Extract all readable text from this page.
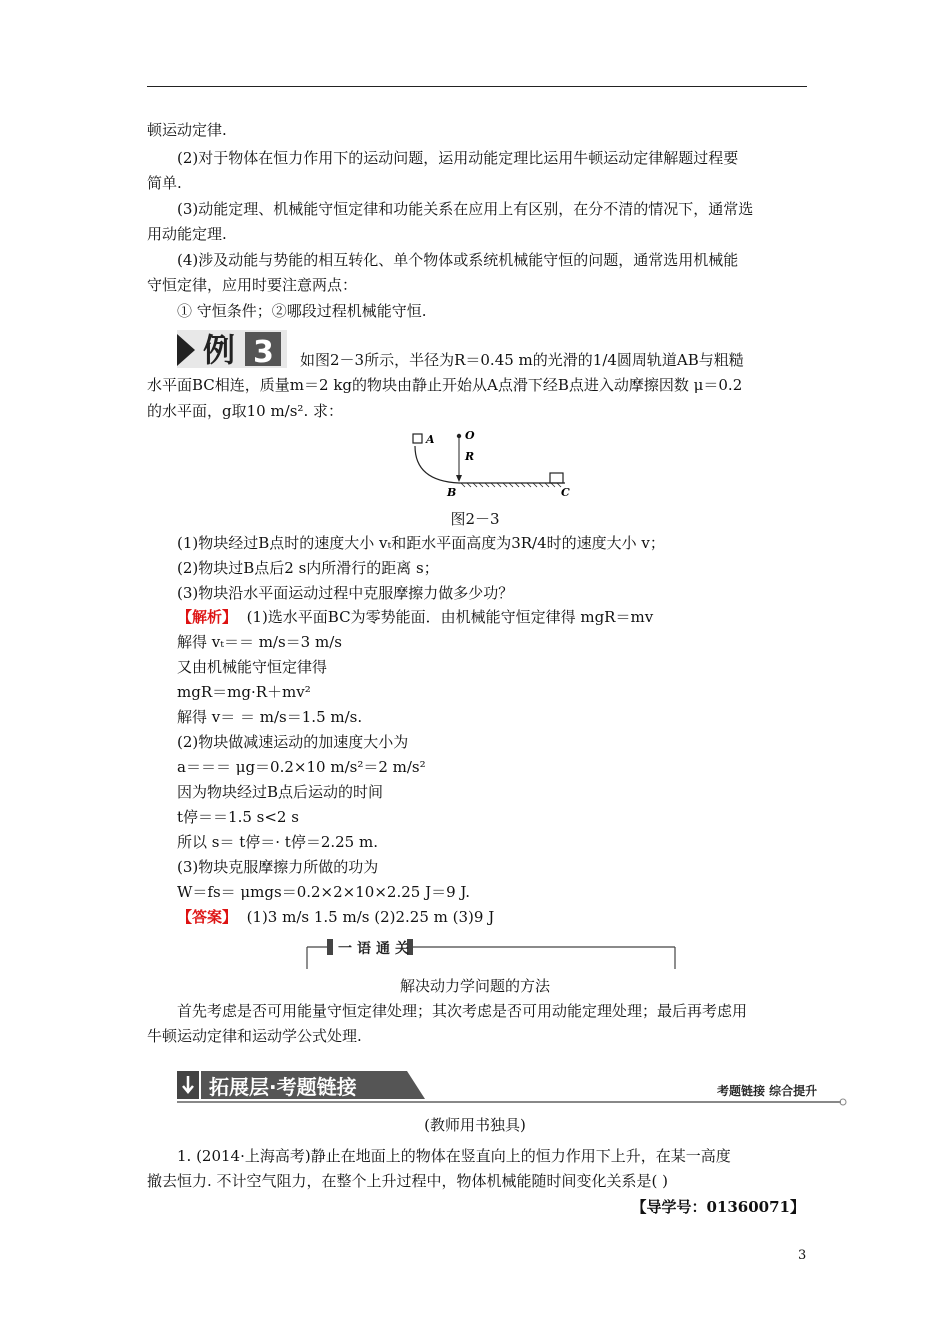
顿运动定律.
(2)对于物体在恒力作用下的运动问题，运用动能定理比运用牛顿运动定律解题过程要
简单.
(3)动能定理、机械能守恒定律和功能关系在应用上有区别，在分不清的情况下，通常选
用动能定理.
(4)涉及动能与势能的相互转化、单个物体或系统机械能守恒的问题，通常选用机械能
守恒定律，应用时要注意两点：
① 守恒条件；②哪段过程机械能守恒.
例 3 如图2－3所示，半径为R＝0.45 m的光滑的1/4圆周轨道AB与粗糙
水平面BC相连，质量m＝2 kg的物块由静止开始从A点滑下经B点进入动摩擦因数 μ＝0.2
的水平面，g取10 m/s². 求：
A	O
R
B	C
图2－3
(1)物块经过B点时的速度大小 vₜ和距水平面高度为3R/4时的速度大小 v；
(2)物块过B点后2 s内所滑行的距离 s；
(3)物块沿水平面运动过程中克服摩擦力做多少功？
【解析】 (1)选水平面BC为零势能面．由机械能守恒定律得 mgR＝mv
解得 vₜ＝＝ m/s＝3 m/s
又由机械能守恒定律得
mgR＝mg·R＋mv²
解得 v＝ ＝ m/s＝1.5 m/s.
(2)物块做减速运动的加速度大小为
a＝＝＝ μg＝0.2×10 m/s²＝2 m/s²
因为物块经过B点后运动的时间
t停＝＝1.5 s<2 s
所以 s＝ t停＝· t停＝2.25 m.
(3)物块克服摩擦力所做的功为
W＝fs＝ μmgs＝0.2×2×10×2.25 J＝9 J.
【答案】 (1)3 m/s 1.5 m/s (2)2.25 m (3)9 J
一语通关
解决动力学问题的方法
首先考虑是否可用能量守恒定律处理；其次考虑是否可用动能定理处理；最后再考虑用
牛顿运动定律和运动学公式处理.
拓展层·考题链接	考题链接 综合提升
(教师用书独具)
1. (2014·上海高考)静止在地面上的物体在竖直向上的恒力作用下上升，在某一高度
撤去恒力. 不计空气阻力，在整个上升过程中，物体机械能随时间变化关系是( )
【导学号：01360071】
3
